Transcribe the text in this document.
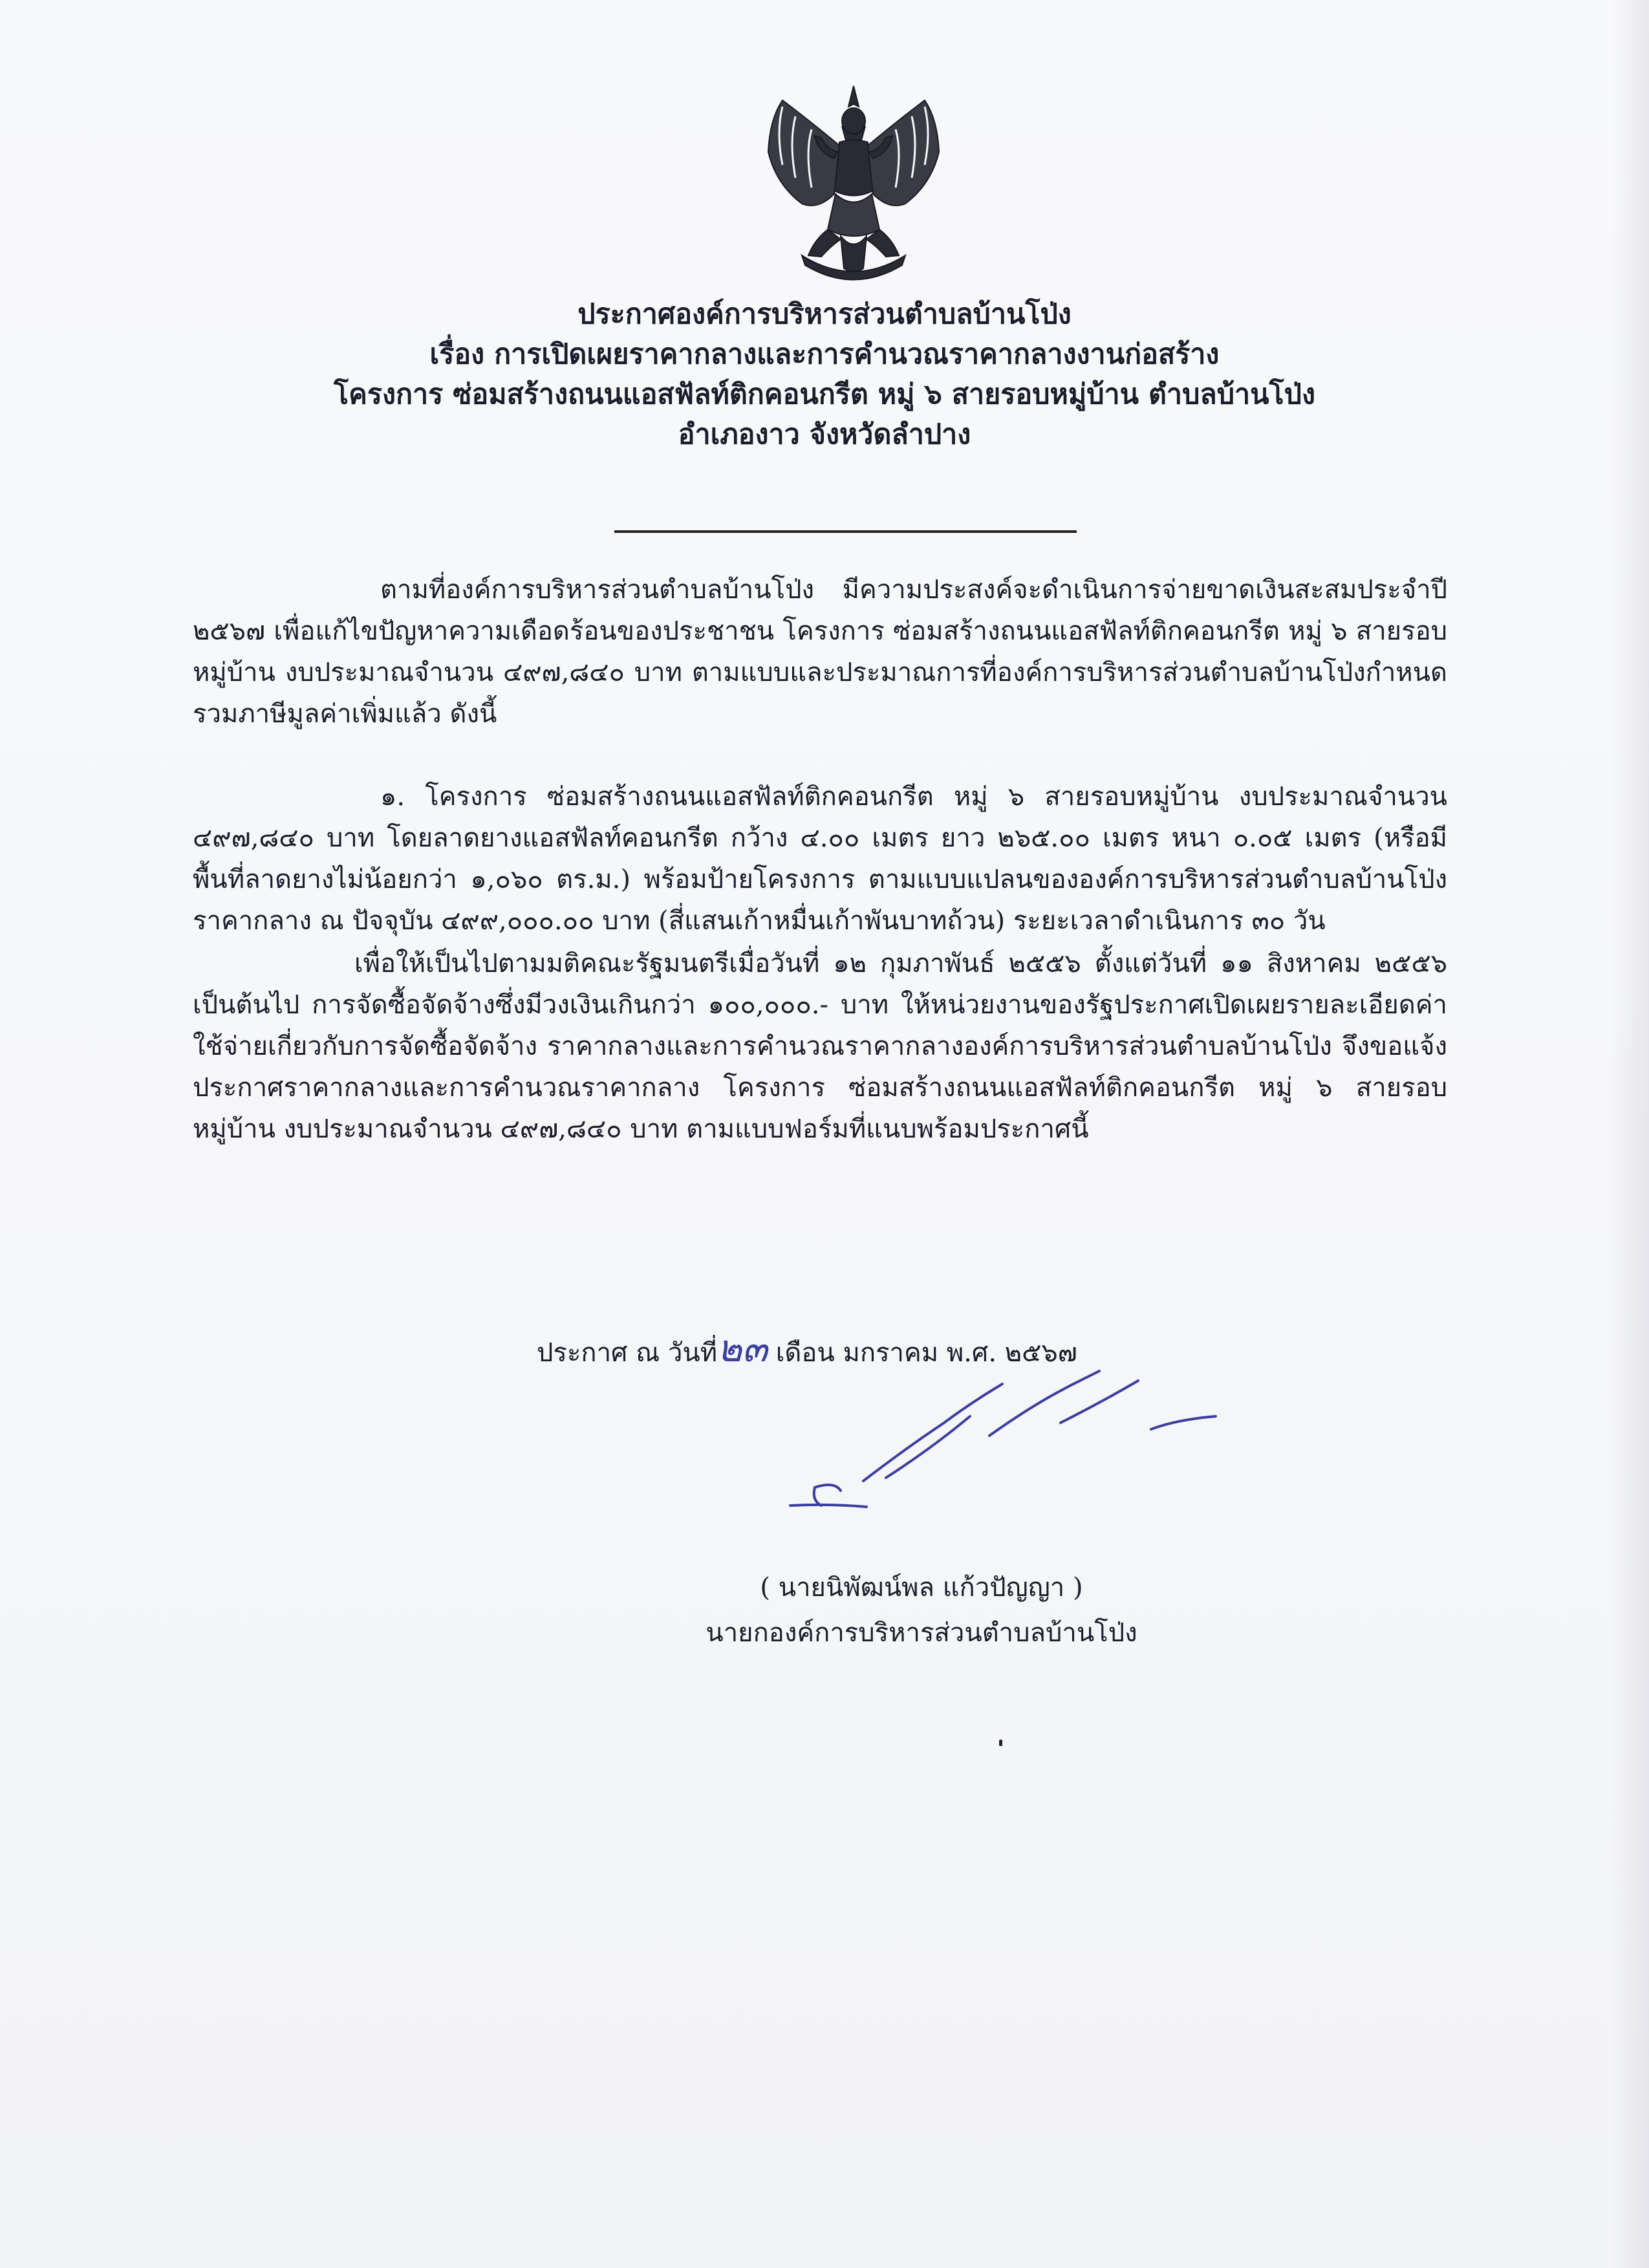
ประกาศองค์การบริหารส่วนตำบลบ้านโป่ง
เรื่อง การเปิดเผยราคากลางและการคำนวณราคากลางงานก่อสร้าง
โครงการ ซ่อมสร้างถนนแอสฟัลท์ติกคอนกรีต หมู่ ๖ สายรอบหมู่บ้าน ตำบลบ้านโป่ง
อำเภองาว จังหวัดลำปาง
ตามที่องค์การบริหารส่วนตำบลบ้านโป่ง มีความประสงค์จะดำเนินการจ่ายขาดเงินสะสมประจำปี ๒๕๖๗ เพื่อแก้ไขปัญหาความเดือดร้อนของประชาชน โครงการ ซ่อมสร้างถนนแอสฟัลท์ติกคอนกรีต หมู่ ๖ สายรอบหมู่บ้าน งบประมาณจำนวน ๔๙๗,๘๔๐ บาท ตามแบบและประมาณการที่องค์การบริหารส่วนตำบลบ้านโป่งกำหนด รวมภาษีมูลค่าเพิ่มแล้ว ดังนี้
๑. โครงการ ซ่อมสร้างถนนแอสฟัลท์ติกคอนกรีต หมู่ ๖ สายรอบหมู่บ้าน งบประมาณจำนวน ๔๙๗,๘๔๐ บาท โดยลาดยางแอสฟัลท์คอนกรีต กว้าง ๔.๐๐ เมตร ยาว ๒๖๕.๐๐ เมตร หนา ๐.๐๕ เมตร (หรือมีพื้นที่ลาดยางไม่น้อยกว่า ๑,๐๖๐ ตร.ม.) พร้อมป้ายโครงการ ตามแบบแปลนขององค์การบริหารส่วนตำบลบ้านโป่ง ราคากลาง ณ ปัจจุบัน ๔๙๙,๐๐๐.๐๐ บาท (สี่แสนเก้าหมื่นเก้าพันบาทถ้วน) ระยะเวลาดำเนินการ ๓๐ วัน
เพื่อให้เป็นไปตามมติคณะรัฐมนตรีเมื่อวันที่ ๑๒ กุมภาพันธ์ ๒๕๕๖ ตั้งแต่วันที่ ๑๑ สิงหาคม ๒๕๕๖ เป็นต้นไป การจัดซื้อจัดจ้างซึ่งมีวงเงินเกินกว่า ๑๐๐,๐๐๐.- บาท ให้หน่วยงานของรัฐประกาศเปิดเผยรายละเอียดค่าใช้จ่ายเกี่ยวกับการจัดซื้อจัดจ้าง ราคากลางและการคำนวณราคากลางองค์การบริหารส่วนตำบลบ้านโป่ง จึงขอแจ้งประกาศราคากลางและการคำนวณราคากลาง โครงการ ซ่อมสร้างถนนแอสฟัลท์ติกคอนกรีต หมู่ ๖ สายรอบหมู่บ้าน งบประมาณจำนวน ๔๙๗,๘๔๐ บาท ตามแบบฟอร์มที่แนบพร้อมประกาศนี้
ประกาศ ณ วันที่๒๓ เดือน มกราคม พ.ศ. ๒๕๖๗
( นายนิพัฒน์พล แก้วปัญญา )
นายกองค์การบริหารส่วนตำบลบ้านโป่ง
